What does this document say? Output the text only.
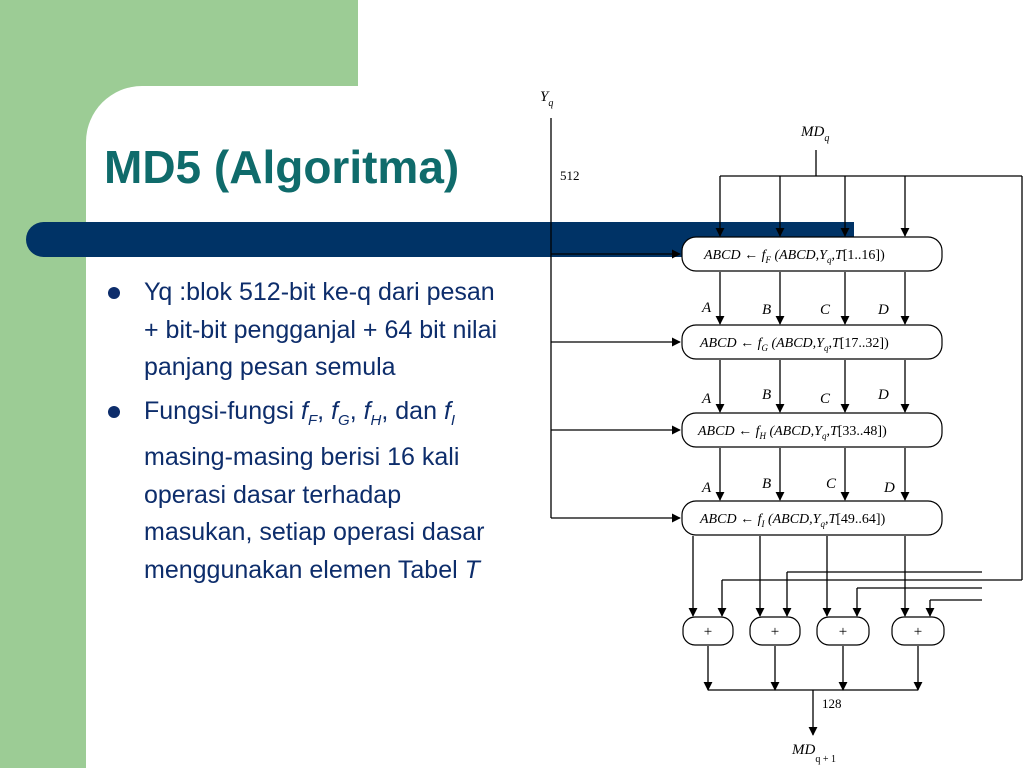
MD5 (Algoritma)
Yq :blok 512-bit ke-q dari pesan + bit-bit pengganjal + 64 bit nilai panjang pesan semula
Fungsi-fungsi $f_F$, $f_G$, $f_H$, dan $f_I$ masing-masing berisi 16 kali operasi dasar terhadap masukan, setiap operasi dasar menggunakan elemen Tabel T
ABCD ← $f_F$ $(ABCD,Y_q,T[1..16])$
ABCD ← $f_G$ $(ABCD,Y_q,T[17..32])$
ABCD ← $f_H$ $(ABCD,Y_q,T[33..48])$
ABCD ← $f_I$ $(ABCD,Y_q,T[49..64])$
+	+	+	+
$Y_q$
512
$MD_q$
128
$MD_{q + 1}$
A	B	C	D
A	B	C	D
A	B	C	D
